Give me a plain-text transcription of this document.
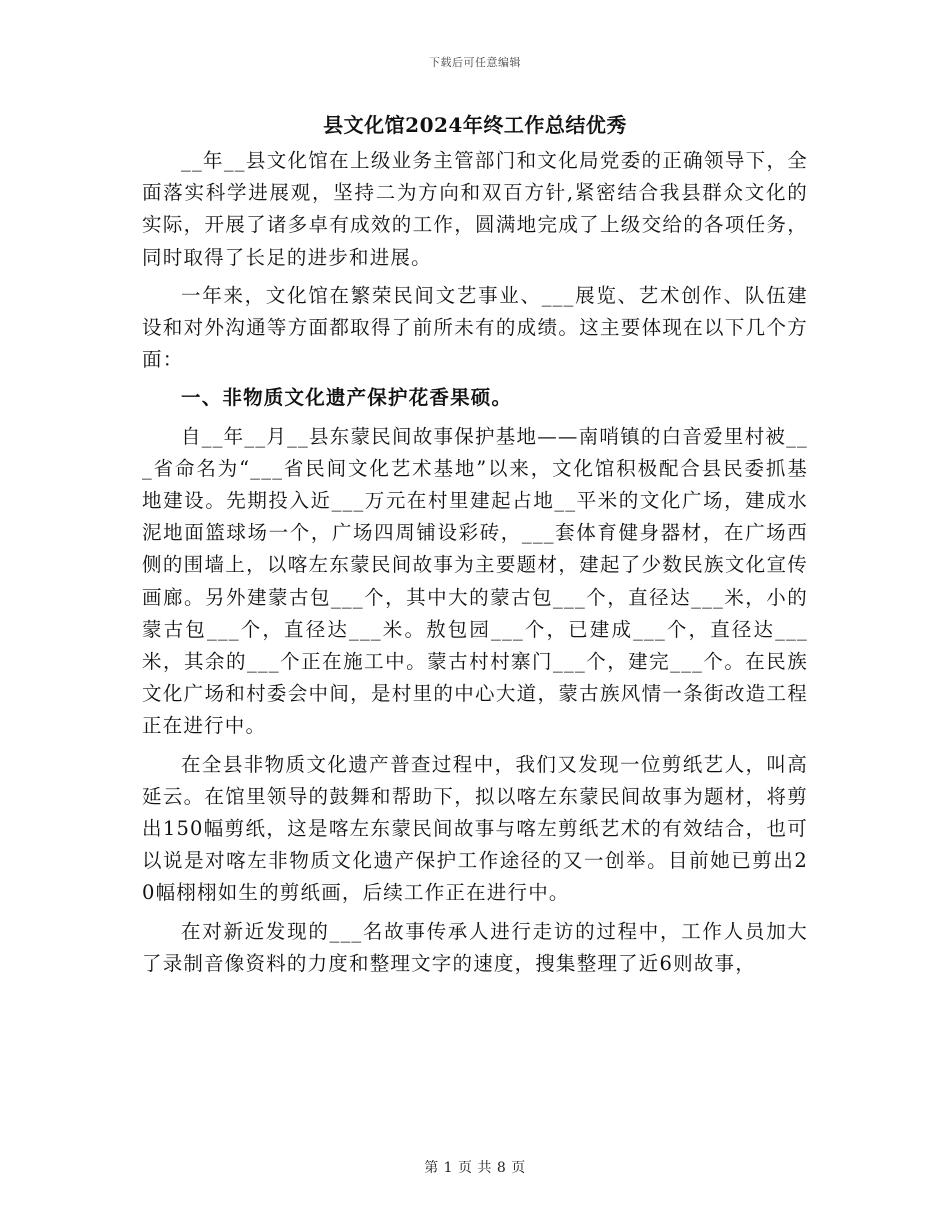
下载后可任意编辑
县文化馆2024年终工作总结优秀

__年__县文化馆在上级业务主管部门和文化局党委的正确领导下，全面落实科学进展观，坚持二为方向和双百方针,紧密结合我县群众文化的实际，开展了诸多卓有成效的工作，圆满地完成了上级交给的各项任务，同时取得了长足的进步和进展。

一年来，文化馆在繁荣民间文艺事业、___展览、艺术创作、队伍建设和对外沟通等方面都取得了前所未有的成绩。这主要体现在以下几个方面：

一、非物质文化遗产保护花香果硕。

自__年__月__县东蒙民间故事保护基地——南哨镇的白音爱里村被___省命名为“___省民间文化艺术基地”以来，文化馆积极配合县民委抓基地建设。先期投入近___万元在村里建起占地__平米的文化广场，建成水泥地面篮球场一个，广场四周铺设彩砖，___套体育健身器材，在广场西侧的围墙上，以喀左东蒙民间故事为主要题材，建起了少数民族文化宣传画廊。另外建蒙古包___个，其中大的蒙古包___个，直径达___米，小的蒙古包___个，直径达___米。敖包园___个，已建成___个，直径达___米，其余的___个正在施工中。蒙古村村寨门___个，建完___个。在民族文化广场和村委会中间，是村里的中心大道，蒙古族风情一条街改造工程正在进行中。

在全县非物质文化遗产普查过程中，我们又发现一位剪纸艺人，叫高延云。在馆里领导的鼓舞和帮助下，拟以喀左东蒙民间故事为题材，将剪出150幅剪纸，这是喀左东蒙民间故事与喀左剪纸艺术的有效结合，也可以说是对喀左非物质文化遗产保护工作途径的又一创举。目前她已剪出20幅栩栩如生的剪纸画，后续工作正在进行中。

在对新近发现的___名故事传承人进行走访的过程中，工作人员加大了录制音像资料的力度和整理文字的速度，搜集整理了近6则故事，

第 1 页 共 8 页
